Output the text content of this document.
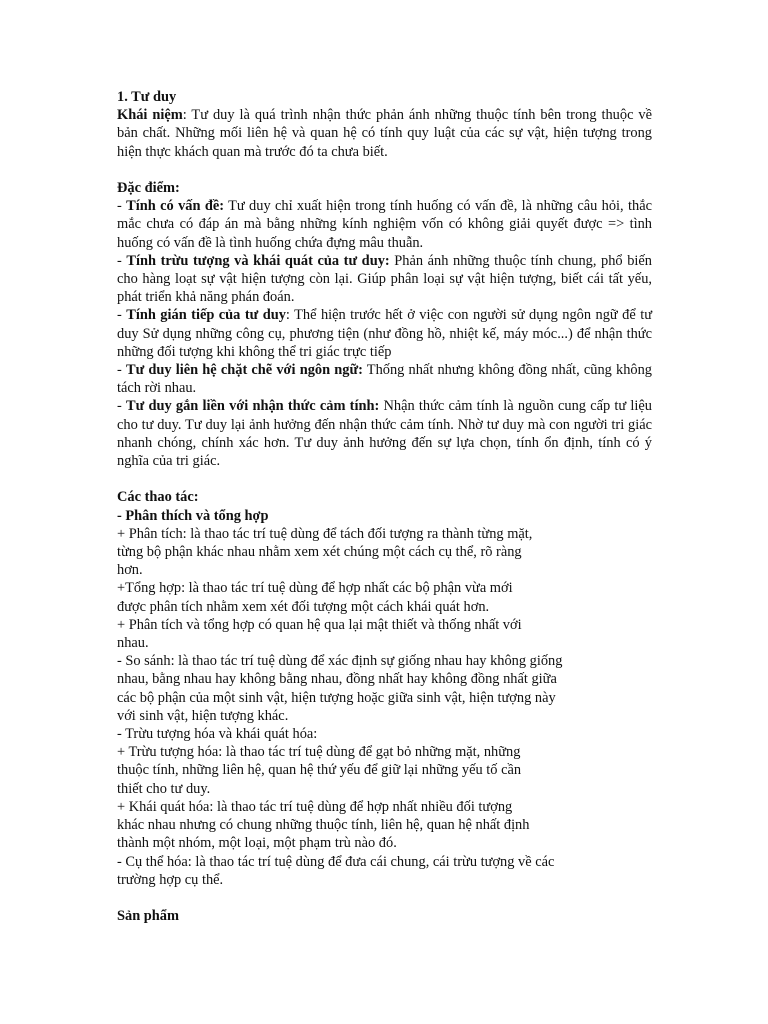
1. Tư duy

Khái niệm: Tư duy là quá trình nhận thức phản ánh những thuộc tính bên trong thuộc về bản chất. Những mối liên hệ và quan hệ có tính quy luật của các sự vật, hiện tượng trong hiện thực khách quan mà trước đó ta chưa biết.

Đặc điểm:

- Tính có vấn đề: Tư duy chỉ xuất hiện trong tính huống có vấn đề, là những câu hỏi, thắc mắc chưa có đáp án mà bằng những kính nghiệm vốn có không giải quyết được => tình huống có vấn đề là tình huống chứa đựng mâu thuẫn.

- Tính trừu tượng và khái quát của tư duy: Phản ánh những thuộc tính chung, phổ biến cho hàng loạt sự vật hiện tượng còn lại. Giúp phân loại sự vật hiện tượng, biết cái tất yếu, phát triển khả năng phán đoán.

- Tính gián tiếp của tư duy: Thể hiện trước hết ở việc con người sử dụng ngôn ngữ để tư duy Sử dụng những công cụ, phương tiện (như đồng hồ, nhiệt kế, máy móc...) để nhận thức những đối tượng khi không thể tri giác trực tiếp

- Tư duy liên hệ chặt chẽ với ngôn ngữ: Thống nhất nhưng không đồng nhất, cũng không tách rời nhau.

- Tư duy gắn liền với nhận thức cảm tính: Nhận thức cảm tính là nguồn cung cấp tư liệu cho tư duy. Tư duy lại ảnh hưởng đến nhận thức cảm tính. Nhờ tư duy mà con người tri giác nhanh chóng, chính xác hơn. Tư duy ảnh hưởng đến sự lựa chọn, tính ổn định, tính có ý nghĩa của tri giác.

Các thao tác:

- Phân thích và tổng hợp

+ Phân tích: là thao tác trí tuệ dùng để tách đối tượng ra thành từng mặt,
từng bộ phận khác nhau nhằm xem xét chúng một cách cụ thể, rõ ràng
hơn.
+Tổng hợp: là thao tác trí tuệ dùng để hợp nhất các bộ phận vừa mới
được phân tích nhằm xem xét đối tượng một cách khái quát hơn.
+ Phân tích và tổng hợp có quan hệ qua lại mật thiết và thống nhất với
nhau.
- So sánh: là thao tác trí tuệ dùng để xác định sự giống nhau hay không giống
nhau, bằng nhau hay không bằng nhau, đồng nhất hay không đồng nhất giữa
các bộ phận của một sinh vật, hiện tượng hoặc giữa sinh vật, hiện tượng này
với sinh vật, hiện tượng khác.
- Trừu tượng hóa và khái quát hóa:
+ Trừu tượng hóa: là thao tác trí tuệ dùng để gạt bỏ những mặt, những
thuộc tính, những liên hệ, quan hệ thứ yếu để giữ lại những yếu tố cần
thiết cho tư duy.
+ Khái quát hóa: là thao tác trí tuệ dùng để hợp nhất nhiều đối tượng
khác nhau nhưng có chung những thuộc tính, liên hệ, quan hệ nhất định
thành một nhóm, một loại, một phạm trù nào đó.
- Cụ thể hóa: là thao tác trí tuệ dùng để đưa cái chung, cái trừu tượng về các
trường hợp cụ thể.

Sản phẩm
